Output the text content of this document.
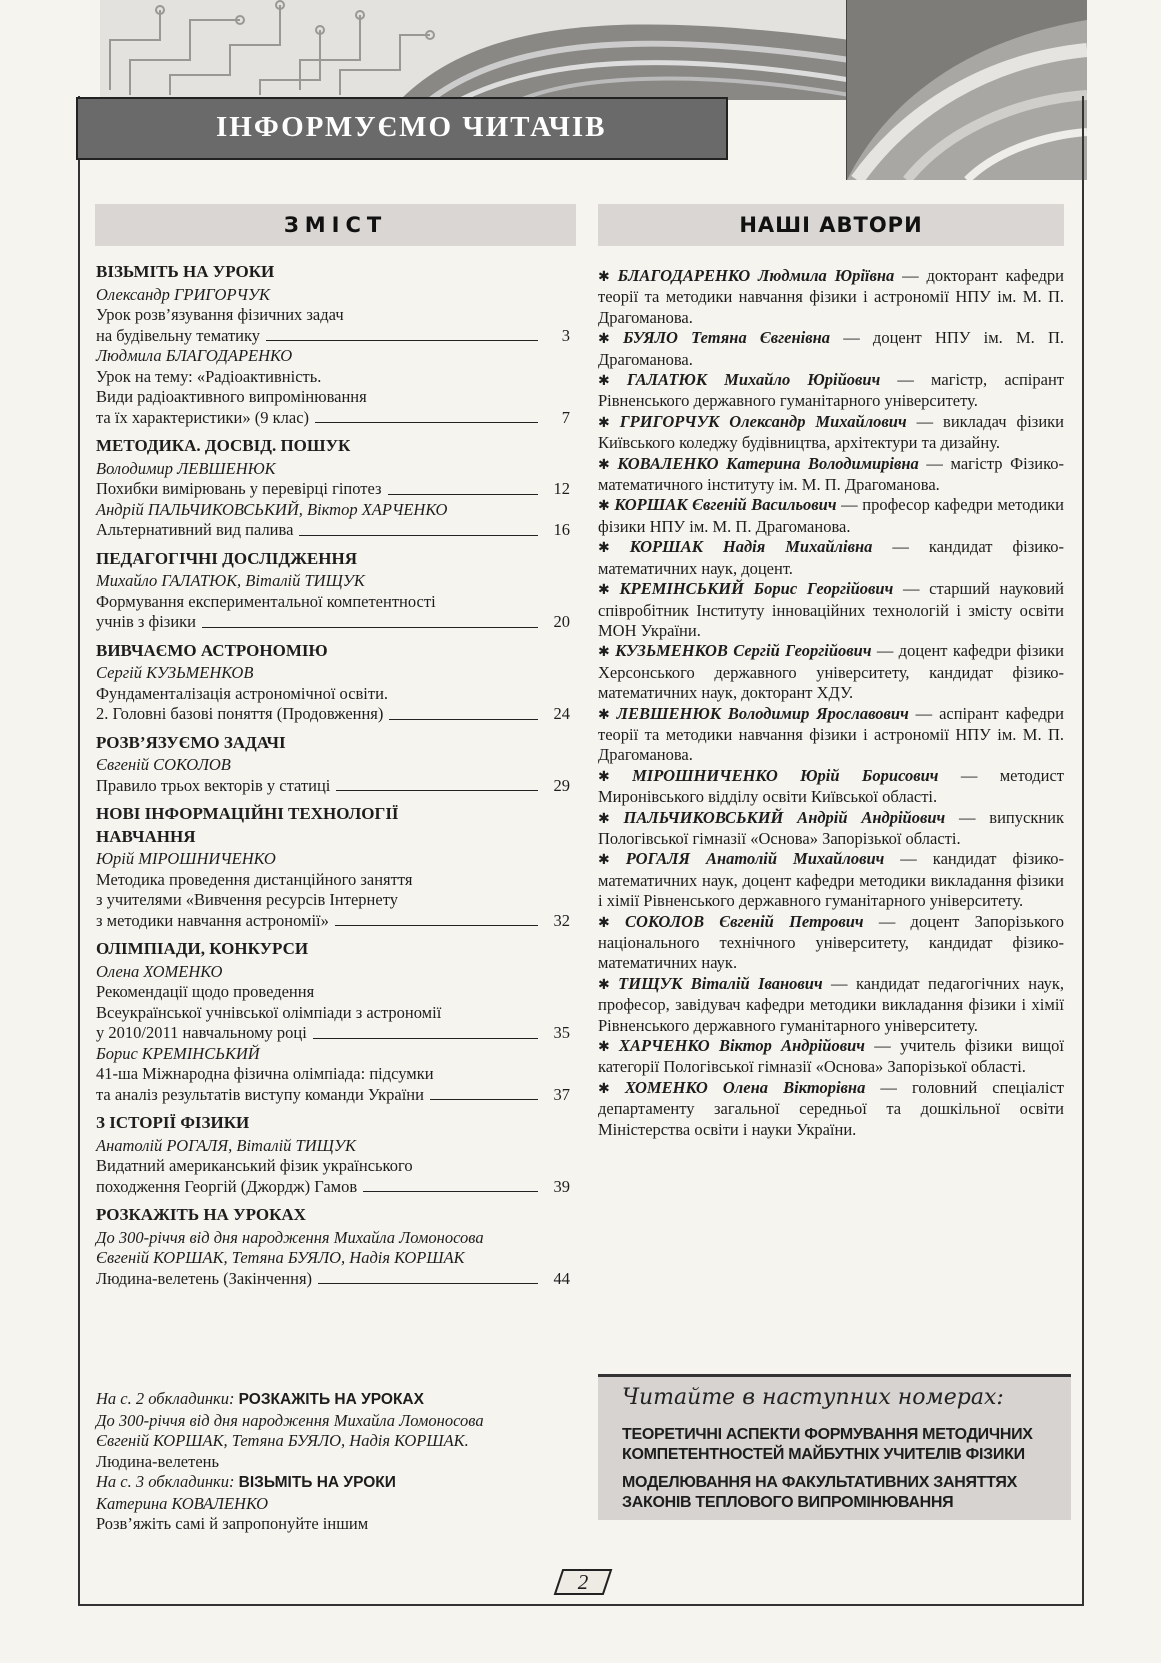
ІНФОРМУЄМО ЧИТАЧІВ
ЗМІСТ	НАШІ АВТОРИ
ВІЗЬМІТЬ НА УРОКИ
Олександр ГРИГОРЧУК
Урок розв’язування фізичних задач
на будівельну тематику	3
Людмила БЛАГОДАРЕНКО
Урок на тему: «Радіоактивність.
Види радіоактивного випромінювання
та їх характеристики» (9 клас)	7
МЕТОДИКА. ДОСВІД. ПОШУК
Володимир ЛЕВШЕНЮК
Похибки вимірювань у перевірці гіпотез	12
Андрій ПАЛЬЧИКОВСЬКИЙ, Віктор ХАРЧЕНКО
Альтернативний вид палива	16
ПЕДАГОГІЧНІ ДОСЛІДЖЕННЯ
Михайло ГАЛАТЮК, Віталій ТИЩУК
Формування експериментальної компетентності
учнів з фізики	20
ВИВЧАЄМО АСТРОНОМІЮ
Сергій КУЗЬМЕНКОВ
Фундаменталізація астрономічної освіти.
2. Головні базові поняття (Продовження)	24
РОЗВ’ЯЗУЄМО ЗАДАЧІ
Євгеній СОКОЛОВ
Правило трьох векторів у статиці	29
НОВІ ІНФОРМАЦІЙНІ ТЕХНОЛОГІЇ
НАВЧАННЯ
Юрій МІРОШНИЧЕНКО
Методика проведення дистанційного заняття
з учителями «Вивчення ресурсів Інтернету
з методики навчання астрономії»	32
ОЛІМПІАДИ, КОНКУРСИ
Олена ХОМЕНКО
Рекомендації щодо проведення
Всеукраїнської учнівської олімпіади з астрономії
у 2010/2011 навчальному році	35
Борис КРЕМІНСЬКИЙ
41-ша Міжнародна фізична олімпіада: підсумки
та аналіз результатів виступу команди України	37
З ІСТОРІЇ ФІЗИКИ
Анатолій РОГАЛЯ, Віталій ТИЩУК
Видатний американський фізик українського
походження Георгій (Джордж) Гамов	39
РОЗКАЖІТЬ НА УРОКАХ
До 300-річчя від дня народження Михайла Ломоносова
Євгеній КОРШАК, Тетяна БУЯЛО, Надія КОРШАК
Людина-велетень (Закінчення)	44
На с. 2 обкладинки: РОЗКАЖІТЬ НА УРОКАХ
До 300-річчя від дня народження Михайла Ломоносова
Євгеній КОРШАК, Тетяна БУЯЛО, Надія КОРШАК.
Людина-велетень
На с. 3 обкладинки: ВІЗЬМІТЬ НА УРОКИ
Катерина КОВАЛЕНКО
Розв’яжіть самі й запропонуйте іншим
✱ БЛАГОДАРЕНКО Людмила Юріївна — докторант кафедри теорії та методики навчання фізики і астрономії НПУ ім. М. П. Драгоманова.
✱ БУЯЛО Тетяна Євгенівна — доцент НПУ ім. М. П. Драгоманова.
✱ ГАЛАТЮК Михайло Юрійович — магістр, аспірант Рівненського державного гуманітарного університету.
✱ ГРИГОРЧУК Олександр Михайлович — викладач фізики Київського коледжу будівництва, архітектури та дизайну.
✱ КОВАЛЕНКО Катерина Володимирівна — магістр Фізико-математичного інституту ім. М. П. Драгоманова.
✱ КОРШАК Євгеній Васильович — професор кафедри методики фізики НПУ ім. М. П. Драгоманова.
✱ КОРШАК Надія Михайлівна — кандидат фізико-математичних наук, доцент.
✱ КРЕМІНСЬКИЙ Борис Георгійович — старший науковий співробітник Інституту інноваційних технологій і змісту освіти МОН України.
✱ КУЗЬМЕНКОВ Сергій Георгійович — доцент кафедри фізики Херсонського державного університету, кандидат фізико-математичних наук, докторант ХДУ.
✱ ЛЕВШЕНЮК Володимир Ярославович — аспірант кафедри теорії та методики навчання фізики і астрономії НПУ ім. М. П. Драгоманова.
✱ МІРОШНИЧЕНКО Юрій Борисович — методист Миронівського відділу освіти Київської області.
✱ ПАЛЬЧИКОВСЬКИЙ Андрій Андрійович — випускник Пологівської гімназії «Основа» Запорізької області.
✱ РОГАЛЯ Анатолій Михайлович — кандидат фізико-математичних наук, доцент кафедри методики викладання фізики і хімії Рівненського державного гуманітарного університету.
✱ СОКОЛОВ Євгеній Петрович — доцент Запорізького національного технічного університету, кандидат фізико-математичних наук.
✱ ТИЩУК Віталій Іванович — кандидат педагогічних наук, професор, завідувач кафедри методики викладання фізики і хімії Рівненського державного гуманітарного університету.
✱ ХАРЧЕНКО Віктор Андрійович — учитель фізики вищої категорії Пологівської гімназії «Основа» Запорізької області.
✱ ХОМЕНКО Олена Вікторівна — головний спеціаліст департаменту загальної середньої та дошкільної освіти Міністерства освіти і науки України.
Читайте в наступних номерах:
ТЕОРЕТИЧНІ АСПЕКТИ ФОРМУВАННЯ МЕТОДИЧНИХ КОМПЕТЕНТНОСТЕЙ МАЙБУТНІХ УЧИТЕЛІВ ФІЗИКИ
МОДЕЛЮВАННЯ НА ФАКУЛЬТАТИВНИХ ЗАНЯТТЯХ ЗАКОНІВ ТЕПЛОВОГО ВИПРОМІНЮВАННЯ
2
